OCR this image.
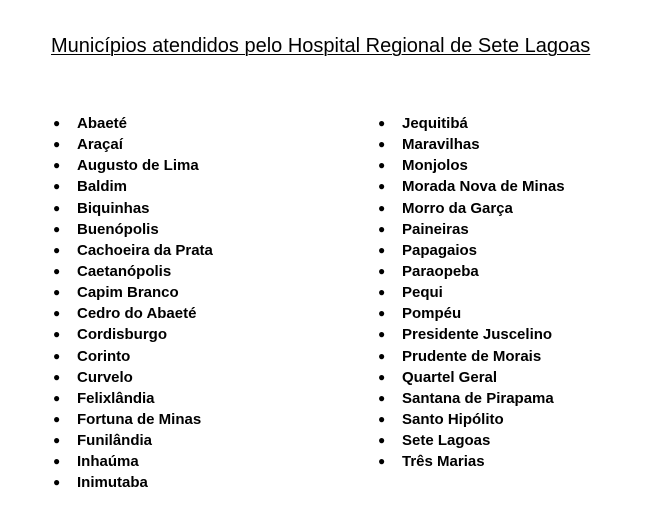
Municípios atendidos pelo Hospital Regional de Sete Lagoas
● Abaeté
● Araçaí
● Augusto de Lima
● Baldim
● Biquinhas
● Buenópolis
● Cachoeira da Prata
● Caetanópolis
● Capim Branco
● Cedro do Abaeté
● Cordisburgo
● Corinto
● Curvelo
● Felixlândia
● Fortuna de Minas
● Funilândia
● Inhaúma
● Inimutaba
● Jequitibá
● Maravilhas
● Monjolos
● Morada Nova de Minas
● Morro da Garça
● Paineiras
● Papagaios
● Paraopeba
● Pequi
● Pompéu
● Presidente Juscelino
● Prudente de Morais
● Quartel Geral
● Santana de Pirapama
● Santo Hipólito
● Sete Lagoas
● Três Marias
